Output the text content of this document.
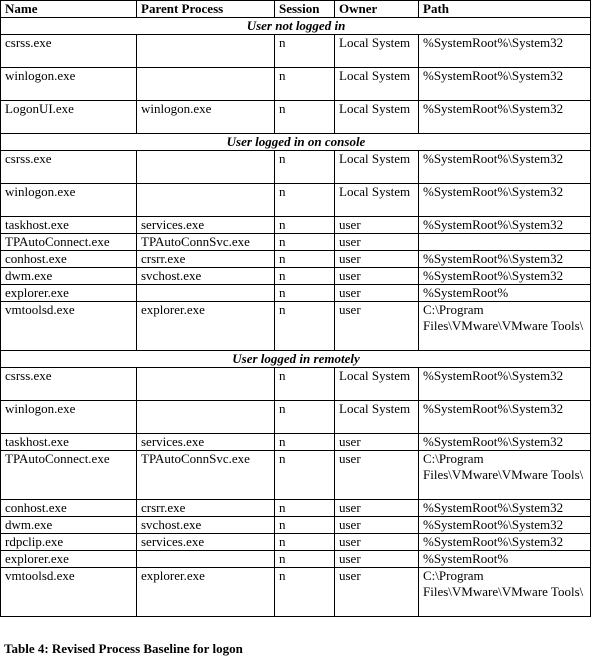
Name	Parent Process	Session	Owner	Path
User not logged in				
csrss.exe		n	Local System	%SystemRoot%\System32
winlogon.exe		n	Local System	%SystemRoot%\System32
LogonUI.exe	winlogon.exe	n	Local System	%SystemRoot%\System32
User logged in on console				
csrss.exe		n	Local System	%SystemRoot%\System32
winlogon.exe		n	Local System	%SystemRoot%\System32
taskhost.exe	services.exe	n	user	%SystemRoot%\System32
TPAutoConnect.exe	TPAutoConnSvc.exe	n	user	
conhost.exe	crsrr.exe	n	user	%SystemRoot%\System32
dwm.exe	svchost.exe	n	user	%SystemRoot%\System32
explorer.exe		n	user	%SystemRoot%
vmtoolsd.exe	explorer.exe	n	user	C:\Program Files\VMware\VMware Tools\
User logged in remotely				
csrss.exe		n	Local System	%SystemRoot%\System32
winlogon.exe		n	Local System	%SystemRoot%\System32
taskhost.exe	services.exe	n	user	%SystemRoot%\System32
TPAutoConnect.exe	TPAutoConnSvc.exe	n	user	C:\Program Files\VMware\VMware Tools\
conhost.exe	crsrr.exe	n	user	%SystemRoot%\System32
dwm.exe	svchost.exe	n	user	%SystemRoot%\System32
rdpclip.exe	services.exe	n	user	%SystemRoot%\System32
explorer.exe		n	user	%SystemRoot%
vmtoolsd.exe	explorer.exe	n	user	C:\Program Files\VMware\VMware Tools\
Table 4: Revised Process Baseline for logon
